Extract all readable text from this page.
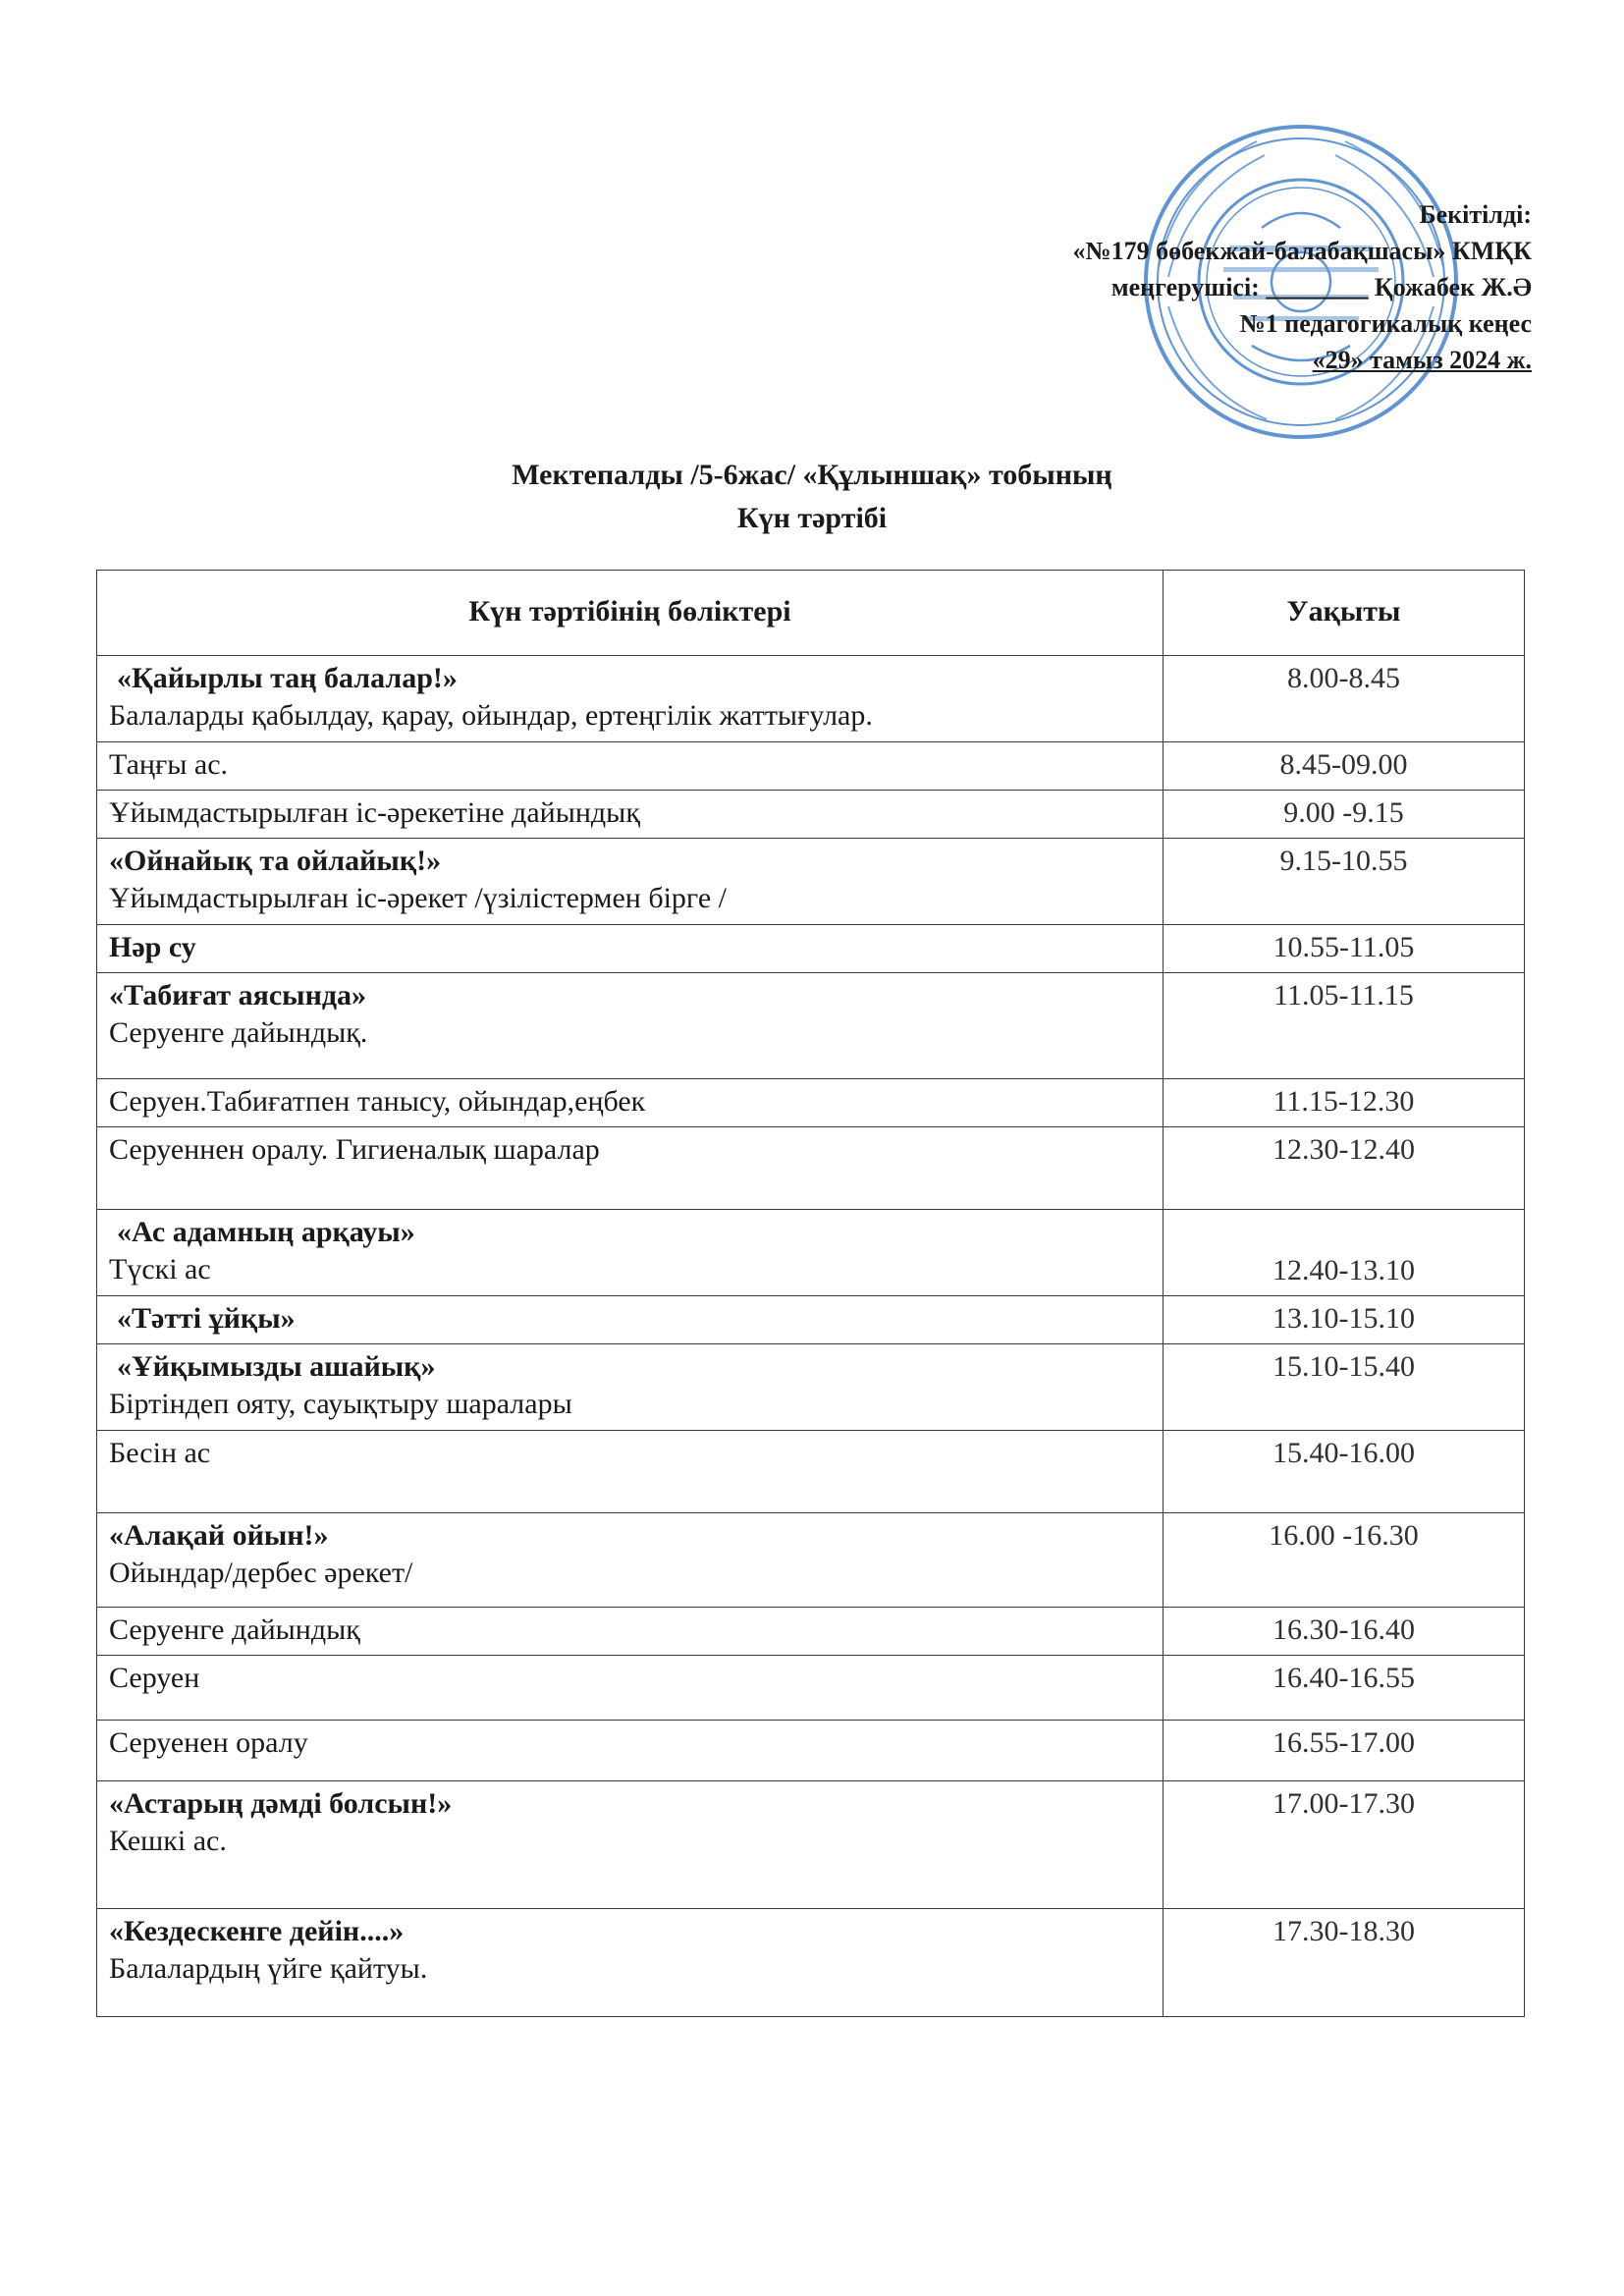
Бекітілді:
«№179 бөбекжай-балабақшасы» КМҚК
меңгерушісі: ________ Қожабек Ж.Ә
№1 педагогикалық кеңес
«29» тамыз 2024 ж.
Мектепалды /5-6жас/ «Құлыншақ» тобының
Күн тәртібі
Күн тәртібінің бөліктері	Уақыты

«Қайырлы таң балалар!»
Балаларды қабылдау, қарау, ойындар, ертеңгілік жаттығулар.	8.00-8.45

Таңғы ас.	8.45-09.00

Ұйымдастырылған іс-әрекетіне дайындық	9.00 -9.15

«Ойнайық та ойлайық!»
Ұйымдастырылған іс-әрекет /үзілістермен бірге /	9.15-10.55

Нәр су	10.55-11.05

«Табиғат аясында»
Серуенге дайындық.	11.05-11.15

Серуен.Табиғатпен танысу, ойындар,еңбек	11.15-12.30

Серуеннен оралу. Гигиеналық шаралар	12.30-12.40

«Ас адамның арқауы»
Түскі ас	12.40-13.10

«Тәтті ұйқы»	13.10-15.10

«Ұйқымызды ашайық»
Біртіндеп ояту, сауықтыру шаралары	15.10-15.40

Бесін ас	15.40-16.00

«Алақай ойын!»
Ойындар/дербес әрекет/	16.00 -16.30

Серуенге дайындық	16.30-16.40

Серуен	16.40-16.55

Серуенен оралу	16.55-17.00

«Астарың дәмді болсын!»
Кешкі ас.	17.00-17.30

«Кездескенге дейін....»
Балалардың үйге қайтуы.	17.30-18.30
